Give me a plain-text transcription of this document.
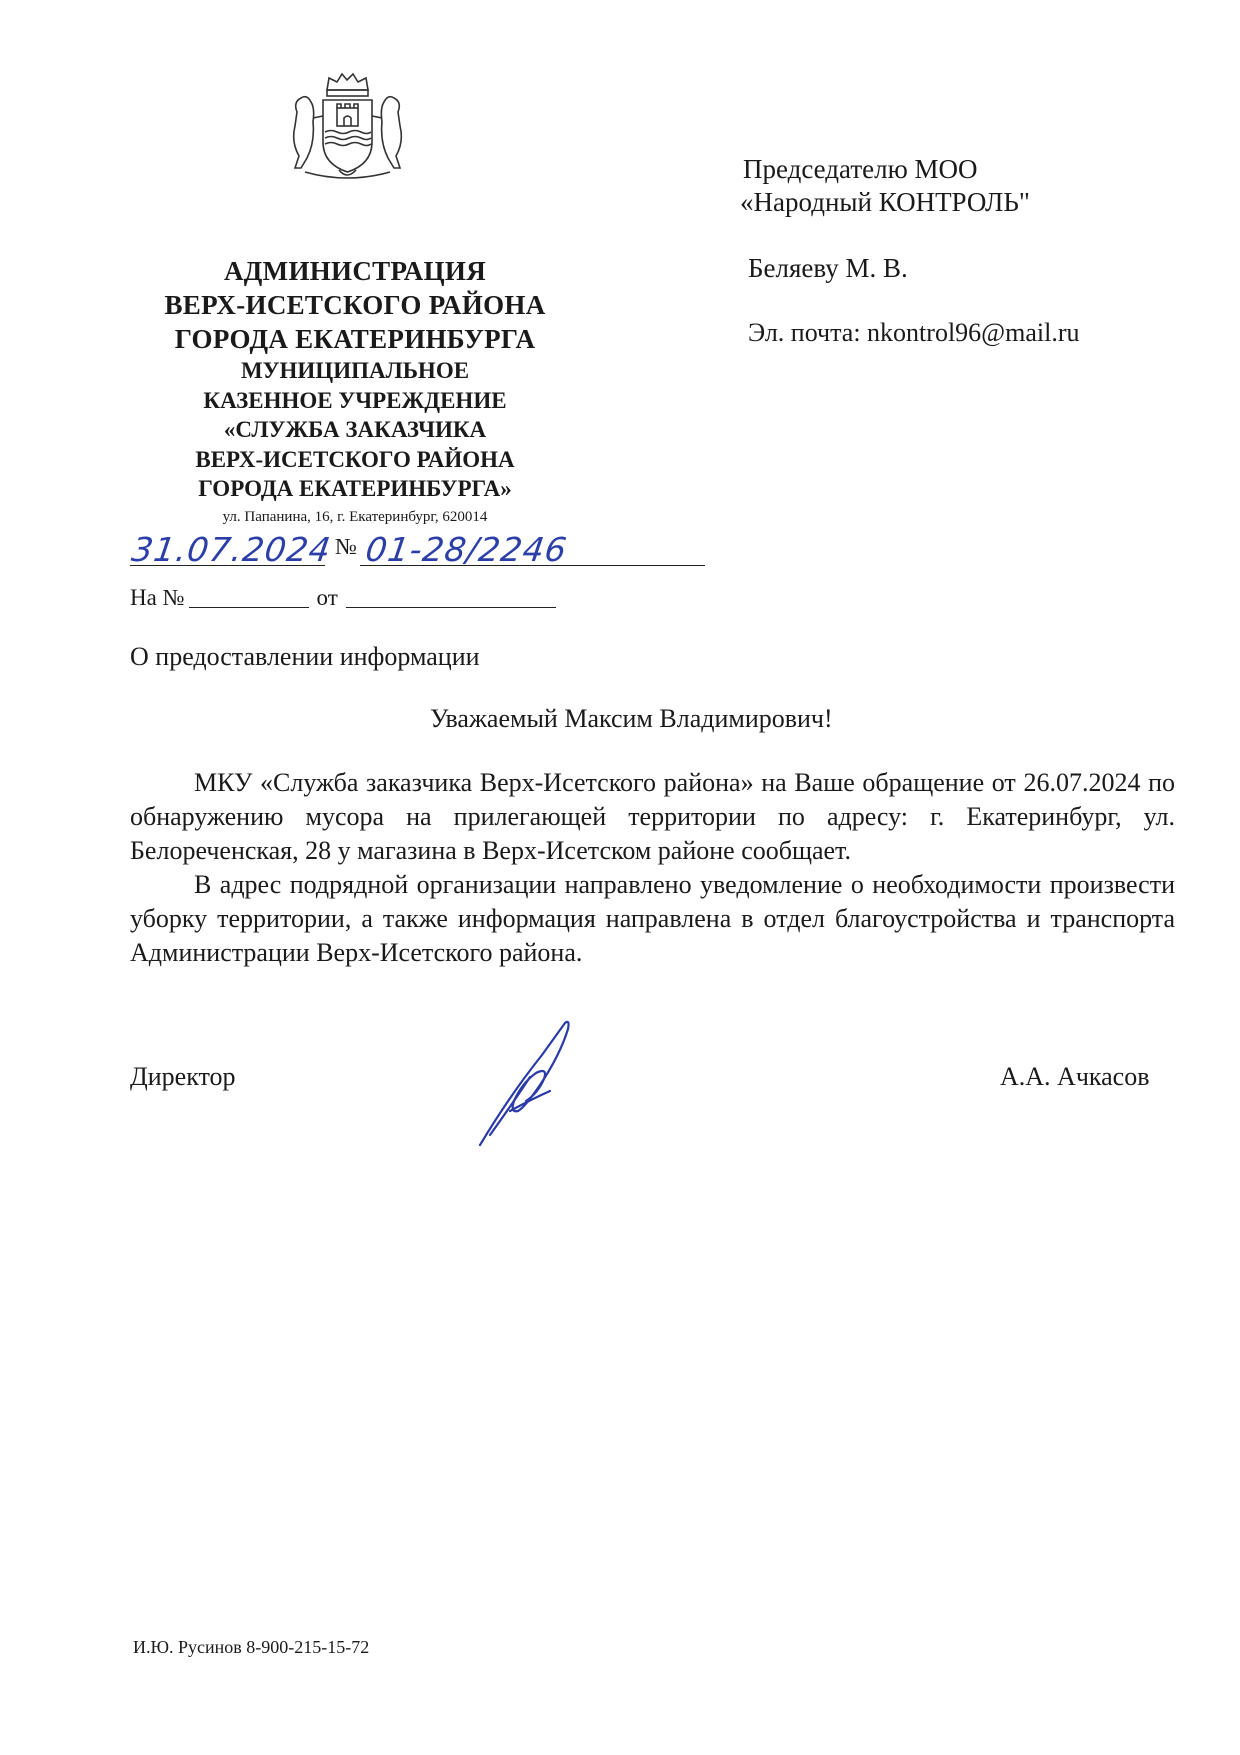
АДМИНИСТРАЦИЯ
ВЕРХ-ИСЕТСКОГО РАЙОНА
ГОРОДА ЕКАТЕРИНБУРГА
МУНИЦИПАЛЬНОЕ
КАЗЕННОЕ УЧРЕЖДЕНИЕ
«СЛУЖБА ЗАКАЗЧИКА
ВЕРХ-ИСЕТСКОГО РАЙОНА
ГОРОДА ЕКАТЕРИНБУРГА»
ул. Папанина, 16, г. Екатеринбург, 620014
31.07.2024 № 01-28/2246
На №	от
Председателю МОО
«Народный КОНТРОЛЬ"
Беляеву М. В.
Эл. почта: nkontrol96@mail.ru
О предоставлении информации
Уважаемый Максим Владимирович!

МКУ «Служба заказчика Верх-Исетского района» на Ваше обращение от 26.07.2024 по обнаружению мусора на прилегающей территории по адресу: г. Екатеринбург, ул. Белореченская, 28 у магазина в Верх-Исетском районе сообщает.

В адрес подрядной организации направлено уведомление о необходимости произвести уборку территории, а также информация направлена в отдел благоустройства и транспорта Администрации Верх-Исетского района.

Директор	А.А. Ачкасов
И.Ю. Русинов 8-900-215-15-72
